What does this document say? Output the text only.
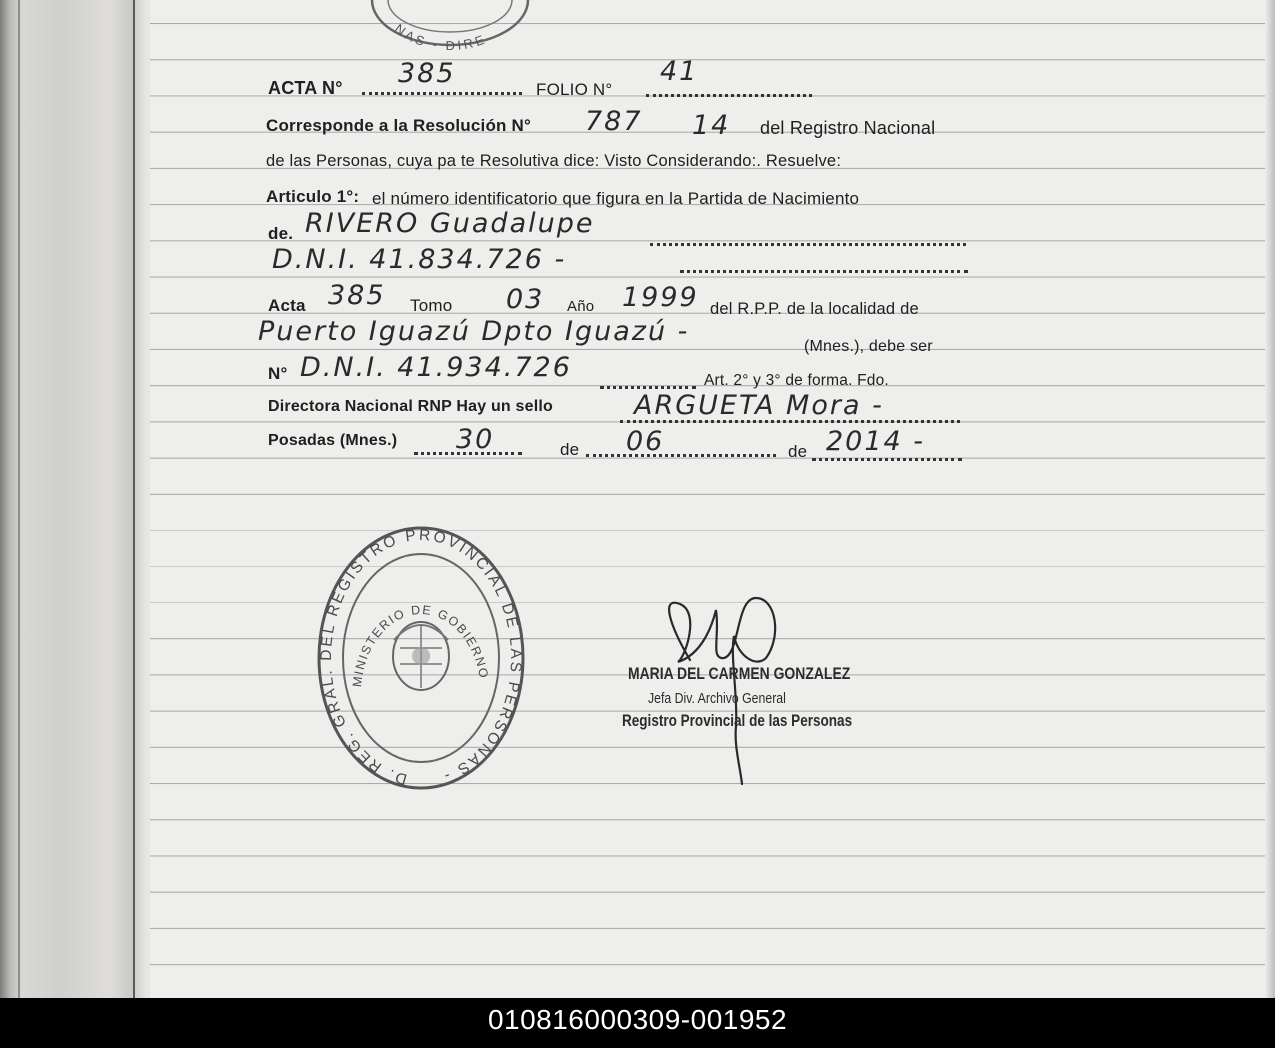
NAS - DIRE
ACTA N° 385
FOLIO N°
41
Corresponde a la Resolución N° 787 14 del Registro Nacional
de las Personas, cuya pa te Resolutiva dice: Visto Considerando:. Resuelve:
Articulo 1°: el número identificatorio que figura en la Partida de Nacimiento
de. RIVERO Guadalupe
D.N.I. 41.834.726 -
Acta 385 Tomo 03 Año 1999 del R.P.P. de la localidad de
Puerto Iguazú Dpto Iguazú -	(Mnes.), debe ser
N° D.N.I. 41.934.726	Art. 2° y 3° de forma. Fdo.
Directora Nacional RNP Hay un sello	ARGUETA Mora -
Posadas (Mnes.) 30	de 06	de 2014 -
D. REG. GRAL. DEL REGISTRO PROVINCIAL DE LAS PERSONAS -
MINISTERIO DE GOBIERNO	MARIA DEL CARMEN GONZALEZ
Jefa Div. Archivo General
Registro Provincial de las Personas
010816000309-001952
